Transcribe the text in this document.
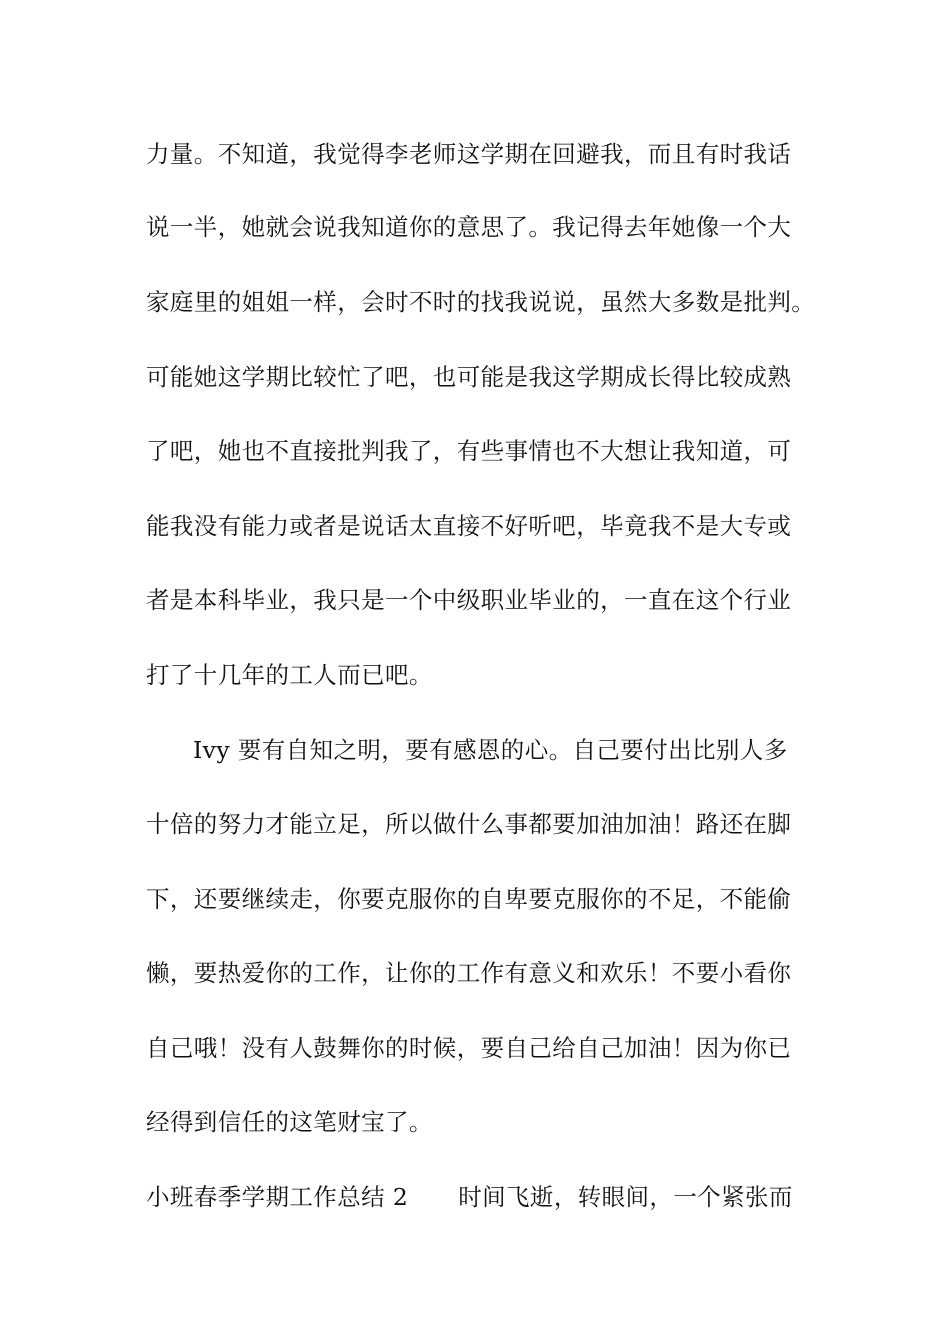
力量。不知道，我觉得李老师这学期在回避我，而且有时我话
说一半，她就会说我知道你的意思了。我记得去年她像一个大
家庭里的姐姐一样，会时不时的找我说说，虽然大多数是批判。
可能她这学期比较忙了吧，也可能是我这学期成长得比较成熟
了吧，她也不直接批判我了，有些事情也不大想让我知道，可
能我没有能力或者是说话太直接不好听吧，毕竟我不是大专或
者是本科毕业，我只是一个中级职业毕业的，一直在这个行业
打了十几年的工人而已吧。
Ivy 要有自知之明，要有感恩的心。自己要付出比别人多
十倍的努力才能立足，所以做什么事都要加油加油！路还在脚
下，还要继续走，你要克服你的自卑要克服你的不足，不能偷
懒，要热爱你的工作，让你的工作有意义和欢乐！不要小看你
自己哦！没有人鼓舞你的时候，要自己给自己加油！因为你已
经得到信任的这笔财宝了。
小班春季学期工作总结 2 时间飞逝，转眼间，一个紧张而
